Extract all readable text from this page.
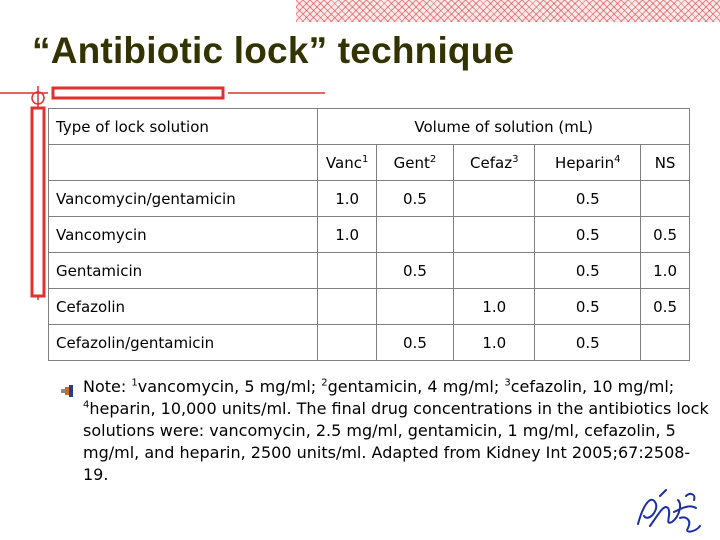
“Antibiotic lock” technique
Type of lock solution	Volume of solution (mL)				
	Vanc$^1$	Gent$^2$	Cefaz$^3$	Heparin$^4$	NS
Vancomycin/gentamicin	1.0	0.5		0.5	
Vancomycin	1.0			0.5	0.5
Gentamicin		0.5		0.5	1.0
Cefazolin			1.0	0.5	0.5
Cefazolin/gentamicin		0.5	1.0	0.5	
Note: $^1$vancomycin, 5 mg/ml; $^2$gentamicin, 4 mg/ml; $^3$cefazolin, 10 mg/ml; $^4$heparin, 10,000 units/ml. The final drug concentrations in the antibiotics lock solutions were: vancomycin, 2.5 mg/ml, gentamicin, 1 mg/ml, cefazolin, 5 mg/ml, and heparin, 2500 units/ml. Adapted from Kidney Int 2005;67:2508-19.
